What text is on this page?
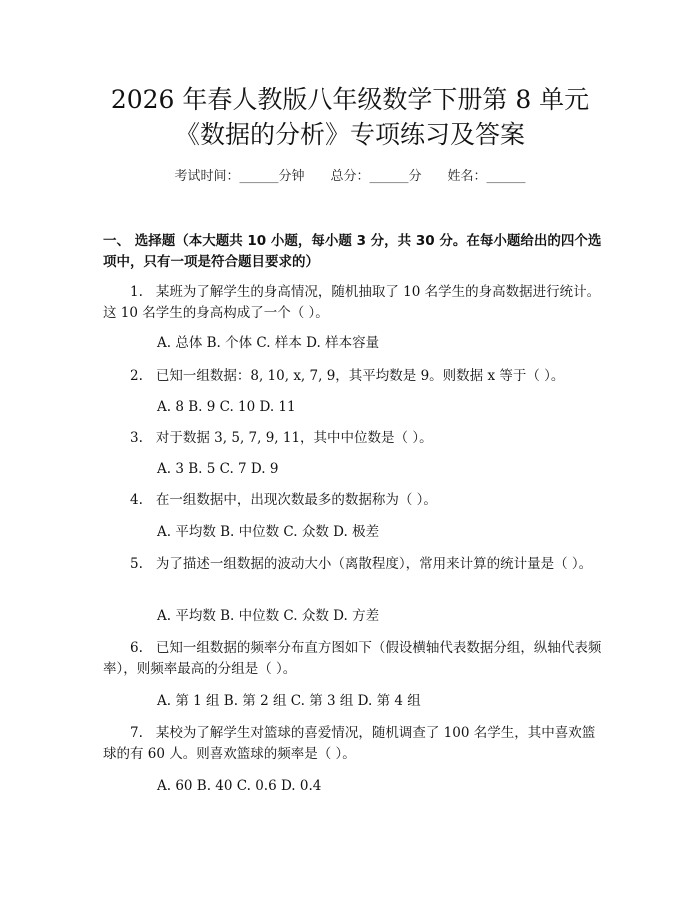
2026 年春人教版八年级数学下册第 8 单元
《数据的分析》专项练习及答案
考试时间：______分钟 总分：______分 姓名：______
一、 选择题（本大题共 10 小题，每小题 3 分，共 30 分。在每小题给出的四个选项中，只有一项是符合题目要求的）
1. 某班为了解学生的身高情况，随机抽取了 10 名学生的身高数据进行统计。这 10 名学生的身高构成了一个（ ）。
A. 总体 B. 个体 C. 样本 D. 样本容量
2. 已知一组数据：8, 10, x, 7, 9，其平均数是 9。则数据 x 等于（ ）。
A. 8 B. 9 C. 10 D. 11
3. 对于数据 3, 5, 7, 9, 11，其中中位数是（ ）。
A. 3 B. 5 C. 7 D. 9
4. 在一组数据中，出现次数最多的数据称为（ ）。
A. 平均数 B. 中位数 C. 众数 D. 极差
5. 为了描述一组数据的波动大小（离散程度），常用来计算的统计量是（ ）。
A. 平均数 B. 中位数 C. 众数 D. 方差
6. 已知一组数据的频率分布直方图如下（假设横轴代表数据分组，纵轴代表频率），则频率最高的分组是（ ）。
A. 第 1 组 B. 第 2 组 C. 第 3 组 D. 第 4 组
7. 某校为了解学生对篮球的喜爱情况，随机调查了 100 名学生，其中喜欢篮球的有 60 人。则喜欢篮球的频率是（ ）。
A. 60 B. 40 C. 0.6 D. 0.4
